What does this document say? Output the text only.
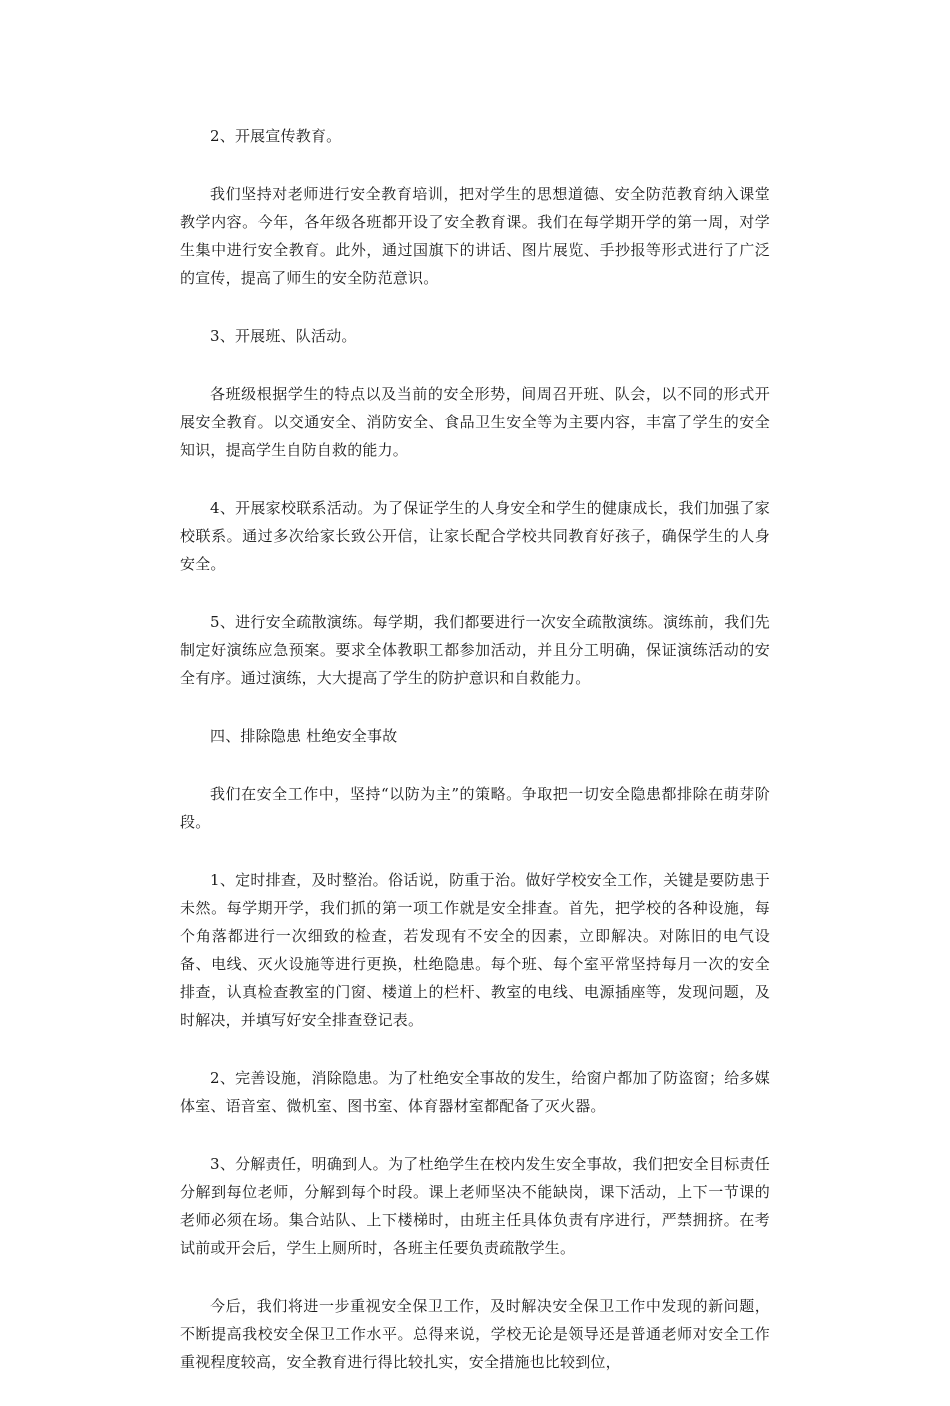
2、开展宣传教育。

我们坚持对老师进行安全教育培训，把对学生的思想道德、安全防范教育纳入课堂教学内容。今年，各年级各班都开设了安全教育课。我们在每学期开学的第一周，对学生集中进行安全教育。此外，通过国旗下的讲话、图片展览、手抄报等形式进行了广泛的宣传，提高了师生的安全防范意识。

3、开展班、队活动。

各班级根据学生的特点以及当前的安全形势，间周召开班、队会，以不同的形式开展安全教育。以交通安全、消防安全、食品卫生安全等为主要内容，丰富了学生的安全知识，提高学生自防自救的能力。

4、开展家校联系活动。为了保证学生的人身安全和学生的健康成长，我们加强了家校联系。通过多次给家长致公开信，让家长配合学校共同教育好孩子，确保学生的人身安全。

5、进行安全疏散演练。每学期，我们都要进行一次安全疏散演练。演练前，我们先制定好演练应急预案。要求全体教职工都参加活动，并且分工明确，保证演练活动的安全有序。通过演练，大大提高了学生的防护意识和自救能力。

四、排除隐患 杜绝安全事故

我们在安全工作中，坚持“以防为主”的策略。争取把一切安全隐患都排除在萌芽阶段。

1、定时排查，及时整治。俗话说，防重于治。做好学校安全工作，关键是要防患于未然。每学期开学，我们抓的第一项工作就是安全排查。首先，把学校的各种设施，每个角落都进行一次细致的检查，若发现有不安全的因素，立即解决。对陈旧的电气设备、电线、灭火设施等进行更换，杜绝隐患。每个班、每个室平常坚持每月一次的安全排查，认真检查教室的门窗、楼道上的栏杆、教室的电线、电源插座等，发现问题，及时解决，并填写好安全排查登记表。

2、完善设施，消除隐患。为了杜绝安全事故的发生，给窗户都加了防盗窗；给多媒体室、语音室、微机室、图书室、体育器材室都配备了灭火器。

3、分解责任，明确到人。为了杜绝学生在校内发生安全事故，我们把安全目标责任分解到每位老师，分解到每个时段。课上老师坚决不能缺岗，课下活动，上下一节课的老师必须在场。集合站队、上下楼梯时，由班主任具体负责有序进行，严禁拥挤。在考试前或开会后，学生上厕所时，各班主任要负责疏散学生。

今后，我们将进一步重视安全保卫工作，及时解决安全保卫工作中发现的新问题，不断提高我校安全保卫工作水平。总得来说，学校无论是领导还是普通老师对安全工作重视程度较高，安全教育进行得比较扎实，安全措施也比较到位，
